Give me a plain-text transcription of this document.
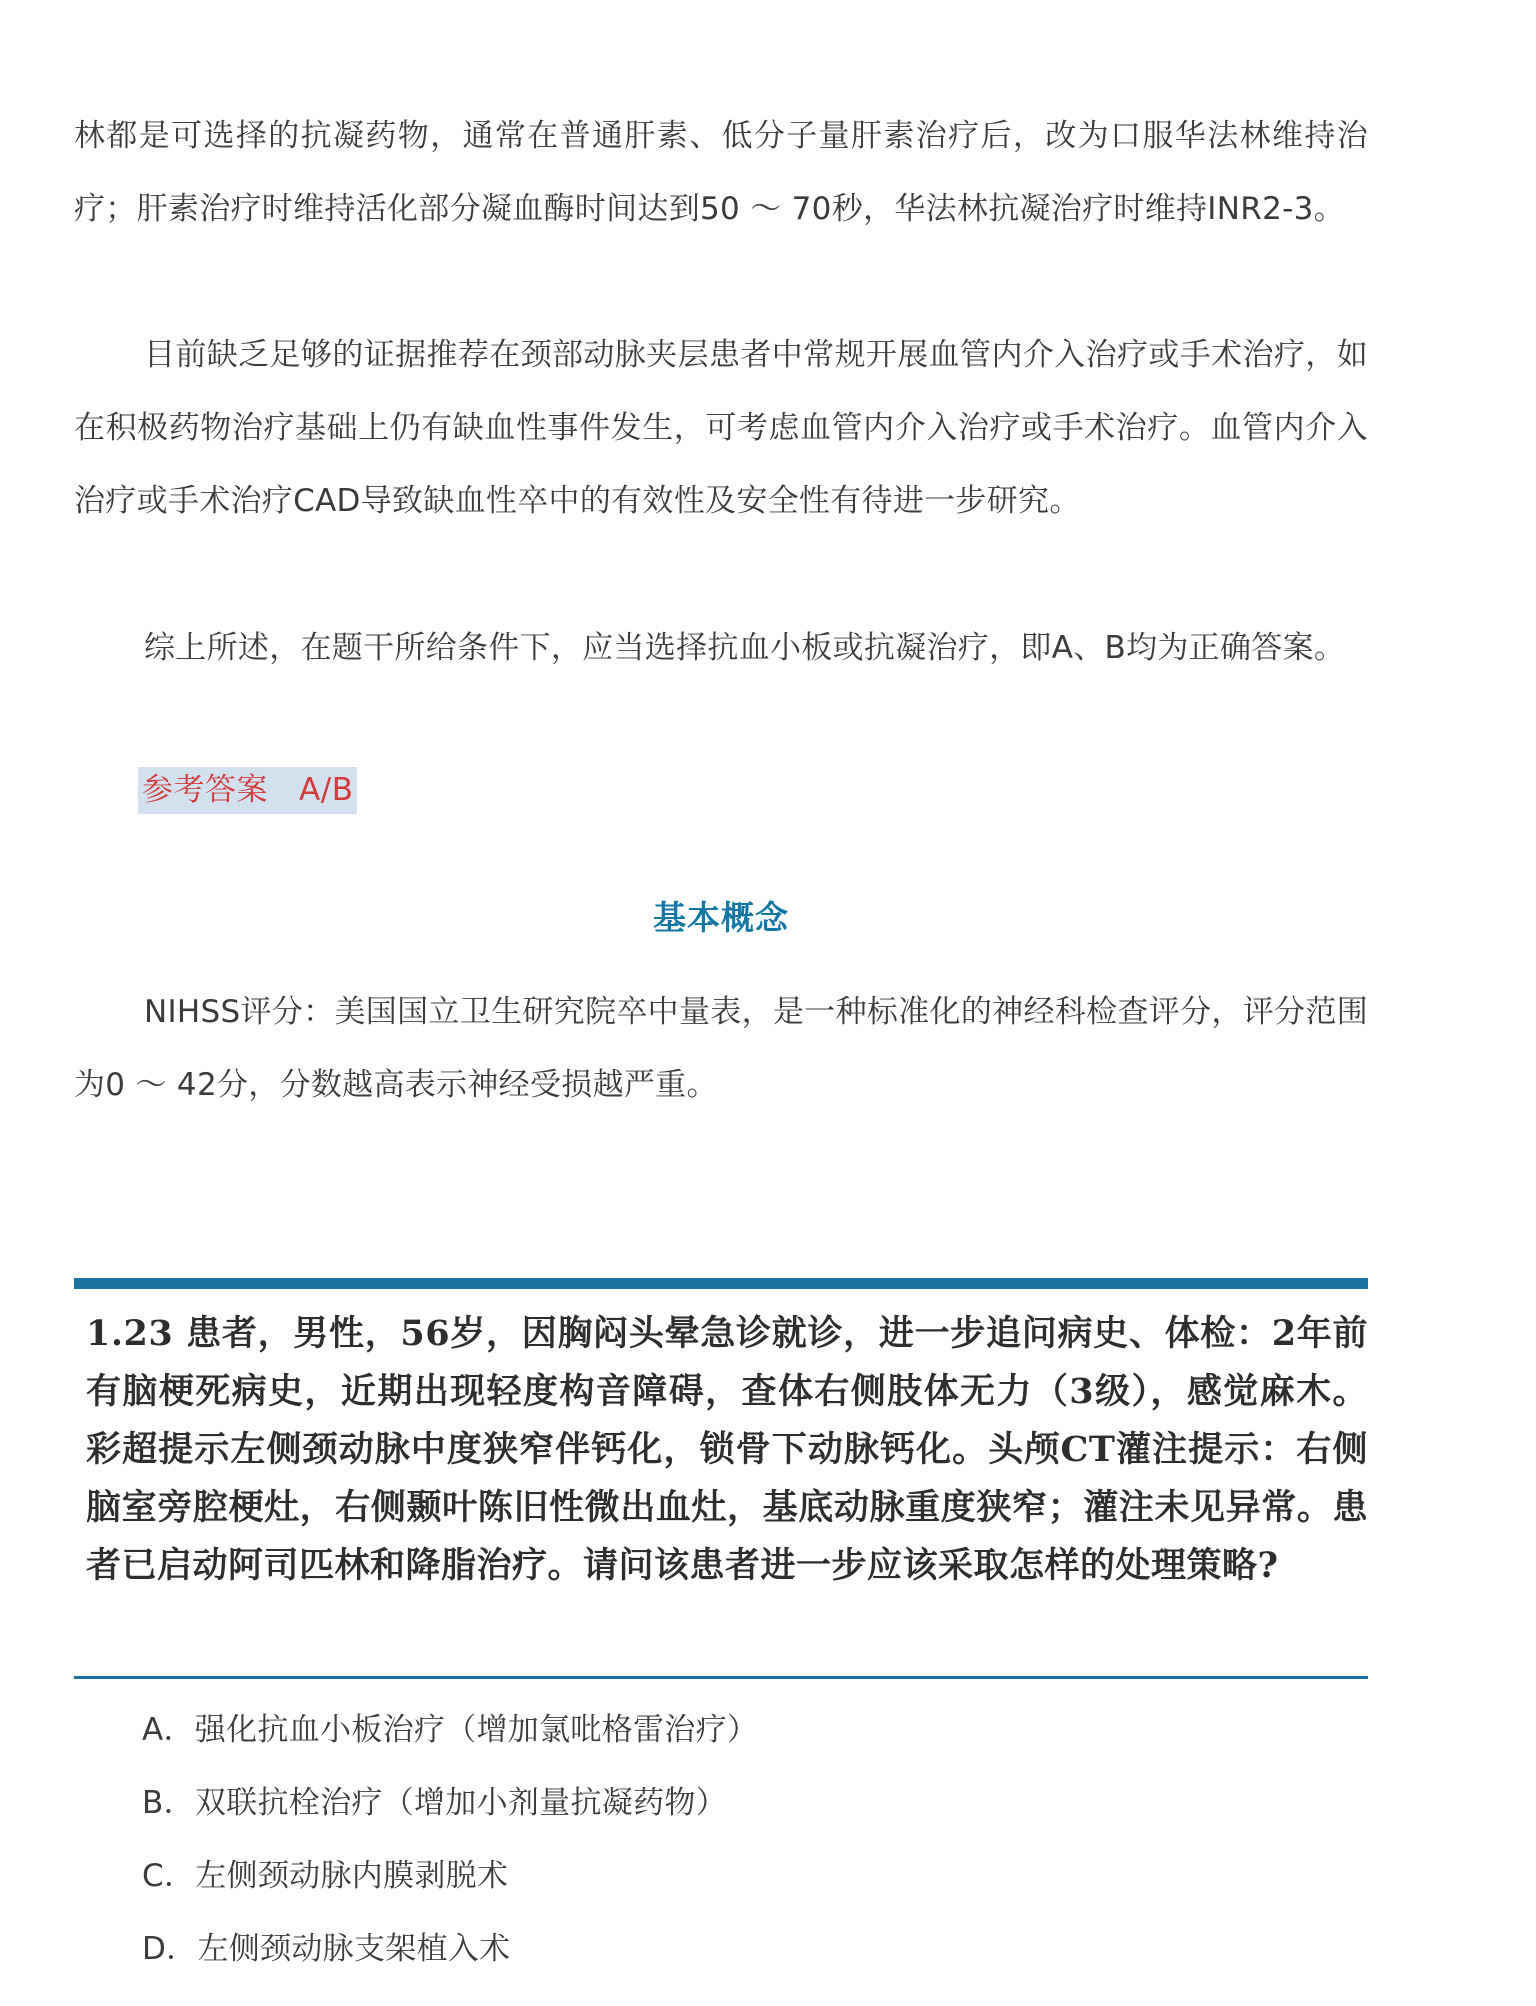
林都是可选择的抗凝药物，通常在普通肝素、低分子量肝素治疗后，改为口服华法林维持治疗；肝素治疗时维持活化部分凝血酶时间达到50 ～ 70秒，华法林抗凝治疗时维持INR2-3。

目前缺乏足够的证据推荐在颈部动脉夹层患者中常规开展血管内介入治疗或手术治疗，如在积极药物治疗基础上仍有缺血性事件发生，可考虑血管内介入治疗或手术治疗。血管内介入治疗或手术治疗CAD导致缺血性卒中的有效性及安全性有待进一步研究。

综上所述，在题干所给条件下，应当选择抗血小板或抗凝治疗，即A、B均为正确答案。

参考答案   A/B
基本概念

NIHSS评分：美国国立卫生研究院卒中量表，是一种标准化的神经科检查评分，评分范围为0 ～ 42分，分数越高表示神经受损越严重。

1.23 患者，男性，56岁，因胸闷头晕急诊就诊，进一步追问病史、体检：2年前有脑梗死病史，近期出现轻度构音障碍，查体右侧肢体无力（3级），感觉麻木。彩超提示左侧颈动脉中度狭窄伴钙化，锁骨下动脉钙化。头颅CT灌注提示：右侧脑室旁腔梗灶，右侧颞叶陈旧性微出血灶，基底动脉重度狭窄；灌注未见异常。患者已启动阿司匹林和降脂治疗。请问该患者进一步应该采取怎样的处理策略?
A．强化抗血小板治疗（增加氯吡格雷治疗）
B．双联抗栓治疗（增加小剂量抗凝药物）
C．左侧颈动脉内膜剥脱术
D．左侧颈动脉支架植入术
